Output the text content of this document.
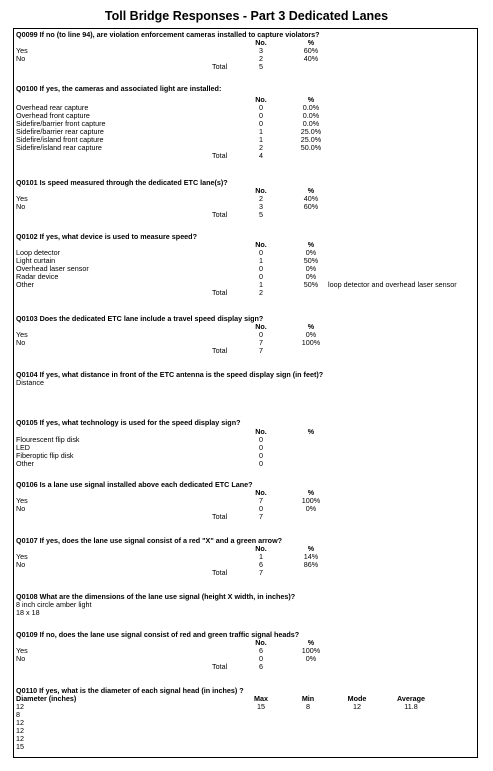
Toll Bridge Responses - Part 3 Dedicated Lanes
Q0099 If no (to line 94), are violation enforcement cameras installed to capture violators?
No.	%
Yes	3	60%
No	2	40%
Total	5
Q0100 If yes, the cameras and associated light are installed:
No.	%
Overhead rear capture	0	0.0%
Overhead front capture	0	0.0%
Sidefire/barrier front capture	0	0.0%
Sidefire/barrier rear capture	1	25.0%
Sidefire/island front capture	1	25.0%
Sidefire/island rear capture	2	50.0%
Total	4
Q0101 Is speed measured through the dedicated ETC lane(s)?
No.	%
Yes	2	40%
No	3	60%
Total	5
Q0102 If yes, what device is used to measure speed?
No.	%
Loop detector	0	0%
Light curtain	1	50%
Overhead laser sensor	0	0%
Radar device	0	0%
Other	1	50%	loop detector and overhead laser sensor
Total	2
Q0103 Does the dedicated ETC lane include a travel speed display sign?
No.	%
Yes	0	0%
No	7	100%
Total	7
Q0104 If yes, what distance in front of the ETC antenna is the speed display sign (in feet)?
Distance
Q0105 If yes, what technology is used for the speed display sign?
No.	%
Flourescent flip disk	0
LED	0
Fiberoptic flip disk	0
Other	0
Q0106 Is a lane use signal installed above each dedicated ETC Lane?
No.	%
Yes	7	100%
No	0	0%
Total	7
Q0107 If yes, does the lane use signal consist of a red "X" and a green arrow?
No.	%
Yes	1	14%
No	6	86%
Total	7
Q0108 What are the dimensions of the lane use signal (height X width, in inches)?
8 inch circle amber light
18 x 18
Q0109 If no, does the lane use signal consist of red and green traffic signal heads?
No.	%
Yes	6	100%
No	0	0%
Total	6
Q0110 If yes, what is the diameter of each signal head (in inches) ?
Diameter (inches)	Max	Min	Mode	Average
12	15	8	12	11.8
8
12
12
12
15
